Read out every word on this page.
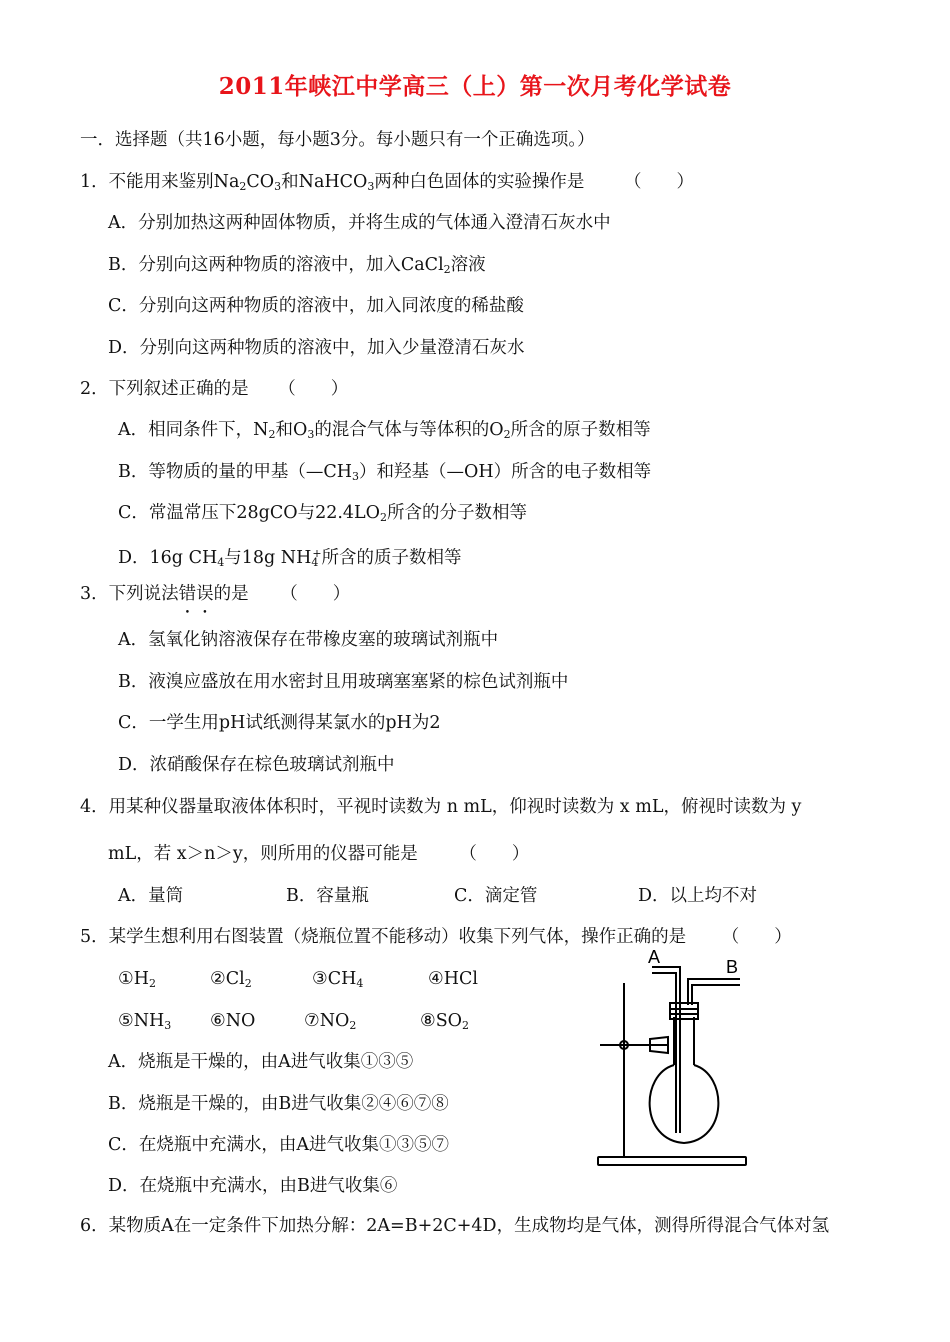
2011年峡江中学高三（上）第一次月考化学试卷
一．选择题（共16小题，每小题3分。每小题只有一个正确选项。）
1．不能用来鉴别$Na_2CO_3$和NaHCO$_3$两种白色固体的实验操作是 （　　）
A．分别加热这两种固体物质，并将生成的气体通入澄清石灰水中
B．分别向这两种物质的溶液中，加入CaCl$_2$溶液
C．分别向这两种物质的溶液中，加入同浓度的稀盐酸
D．分别向这两种物质的溶液中，加入少量澄清石灰水
2．下列叙述正确的是 （　　）
A．相同条件下，$N_2$和$O_3$的混合气体与等体积的$O_2$所含的原子数相等
B．等物质的量的甲基$(—CH_3)$和羟基（—OH）所含的电子数相等
C．常温常压下28gCO与$22.4LO_2$所含的分子数相等
D．16g $CH_4$与18g $NH_4^+$所含的质子数相等
3．下列说法错误的是 （　　）
A．氢氧化钠溶液保存在带橡皮塞的玻璃试剂瓶中
B．液溴应盛放在用水密封且用玻璃塞塞紧的棕色试剂瓶中
C．一学生用pH试纸测得某氯水的pH为2
D．浓硝酸保存在棕色玻璃试剂瓶中
4．用某种仪器量取液体体积时，平视时读数为 n mL，仰视时读数为 x mL，俯视时读数为 y
mL，若 x＞n＞y，则所用的仪器可能是 （　　）
A．量筒	B．容量瓶	C．滴定管	D．以上均不对
5．某学生想利用右图装置（烧瓶位置不能移动）收集下列气体，操作正确的是 （　　）
$①H_2$	$②Cl_2$	$③CH_4$	④HCl
$⑤NH_3$ ⑥NO	$⑦NO_2$	$⑧SO_2$
A．烧瓶是干燥的，由A进气收集①③⑤
B．烧瓶是干燥的，由B进气收集②④⑥⑦⑧
C．在烧瓶中充满水，由A进气收集①③⑤⑦
D．在烧瓶中充满水，由B进气收集⑥
A	B
6．某物质A在一定条件下加热分解：2A=B+2C+4D，生成物均是气体，测得所得混合气体对氢
